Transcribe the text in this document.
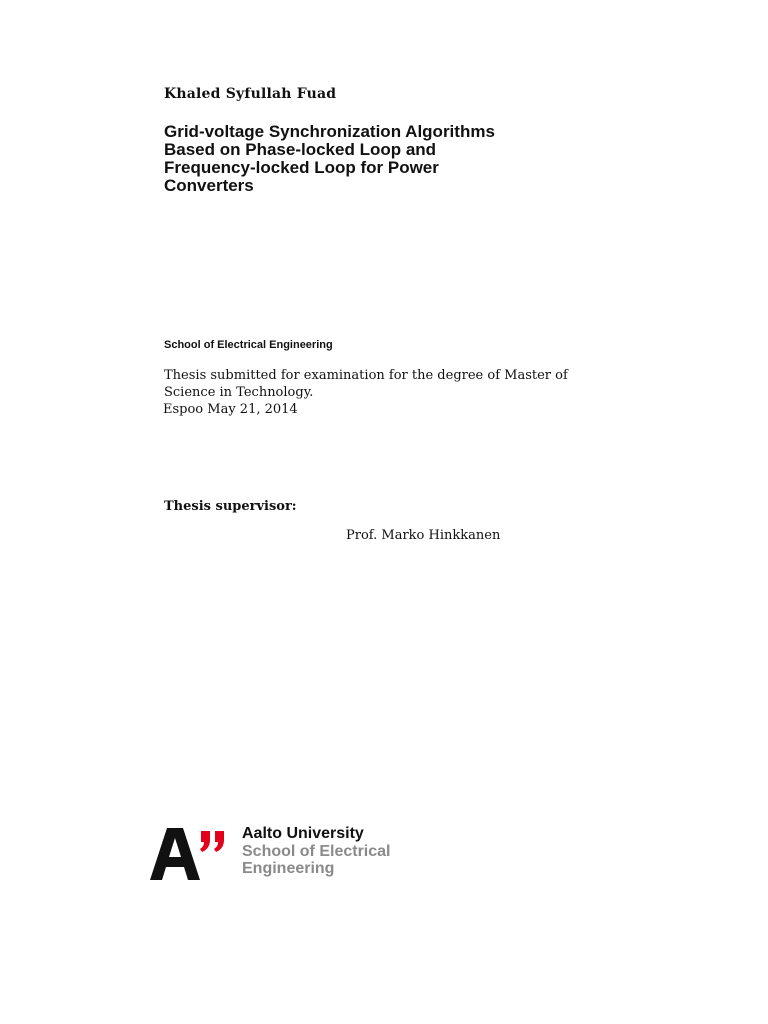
Khaled Syfullah Fuad
Grid-voltage Synchronization Algorithms
Based on Phase-locked Loop and
Frequency-locked Loop for Power
Converters
School of Electrical Engineering
Thesis submitted for examination for the degree of Master of
Science in Technology.
Espoo May 21, 2014
Thesis supervisor:
Prof. Marko Hinkkanen
Aalto University
School of Electrical
Engineering
